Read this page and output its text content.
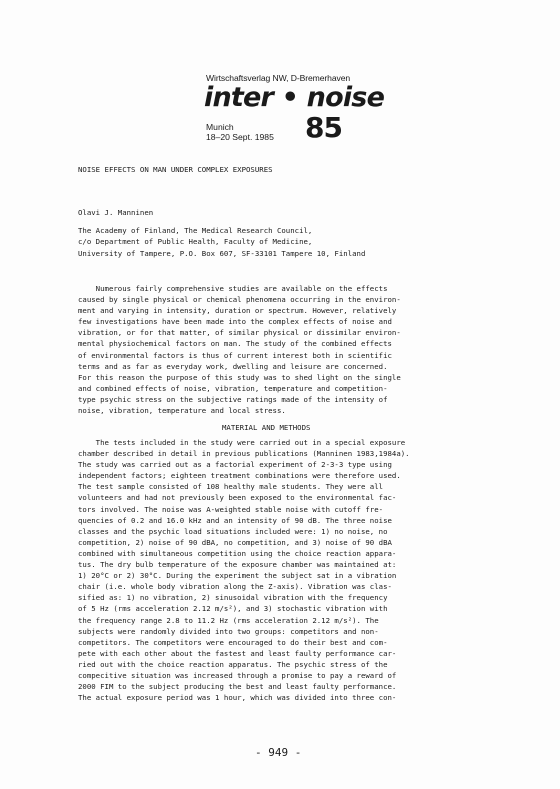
Wirtschaftsverlag NW, D-Bremerhaven
inter • noise
Munich
18–20 Sept. 1985 85
NOISE EFFECTS ON MAN UNDER COMPLEX EXPOSURES
Olavi J. Manninen
The Academy of Finland, The Medical Research Council,
c/o Department of Public Health, Faculty of Medicine,
University of Tampere, P.O. Box 607, SF-33101 Tampere 10, Finland
Numerous fairly comprehensive studies are available on the effects
caused by single physical or chemical phenomena occurring in the environ-
ment and varying in intensity, duration or spectrum. However, relatively
few investigations have been made into the complex effects of noise and
vibration, or for that matter, of similar physical or dissimilar environ-
mental physiochemical factors on man. The study of the combined effects
of environmental factors is thus of current interest both in scientific
terms and as far as everyday work, dwelling and leisure are concerned.
For this reason the purpose of this study was to shed light on the single
and combined effects of noise, vibration, temperature and competition-
type psychic stress on the subjective ratings made of the intensity of
noise, vibration, temperature and local stress.
MATERIAL AND METHODS
The tests included in the study were carried out in a special exposure
chamber described in detail in previous publications (Manninen 1983,1984a).
The study was carried out as a factorial experiment of 2-3-3 type using
independent factors; eighteen treatment combinations were therefore used.
The test sample consisted of 108 healthy male students. They were all
volunteers and had not previously been exposed to the environmental fac-
tors involved. The noise was A-weighted stable noise with cutoff fre-
quencies of 0.2 and 16.0 kHz and an intensity of 90 dB. The three noise
classes and the psychic load situations included were: 1) no noise, no
competition, 2) noise of 90 dBA, no competition, and 3) noise of 90 dBA
combined with simultaneous competition using the choice reaction appara-
tus. The dry bulb temperature of the exposure chamber was maintained at:
1) 20°C or 2) 30°C. During the experiment the subject sat in a vibration
chair (i.e. whole body vibration along the Z-axis). Vibration was clas-
sified as: 1) no vibration, 2) sinusoidal vibration with the frequency
of 5 Hz (rms acceleration 2.12 m/s²), and 3) stochastic vibration with
the frequency range 2.8 to 11.2 Hz (rms acceleration 2.12 m/s²). The
subjects were randomly divided into two groups: competitors and non-
competitors. The competitors were encouraged to do their best and com-
pete with each other about the fastest and least faulty performance car-
ried out with the choice reaction apparatus. The psychic stress of the
compecitive situation was increased through a promise to pay a reward of
2000 FIM to the subject producing the best and least faulty performance.
The actual exposure period was 1 hour, which was divided into three con-
- 949 -
